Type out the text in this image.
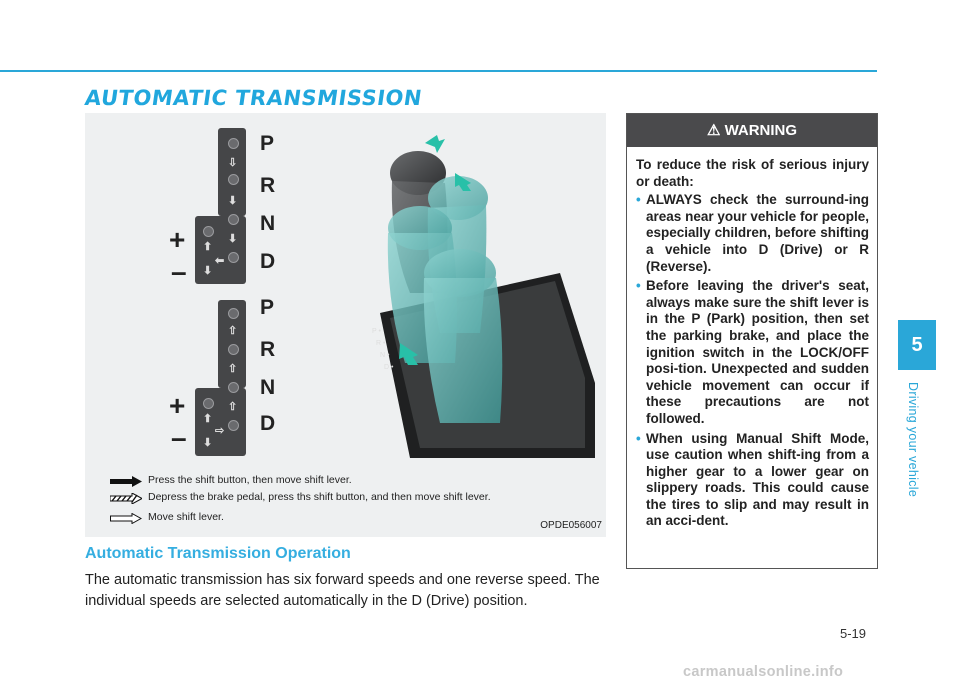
AUTOMATIC TRANSMISSION
⇩
⬇
⬇
⬆
⬅
⬇
⇧
⇧
⇧
⬆
⇨
⬇
P
R
N
D
P
R
N
D
+
–
+
–
P •
R •
N •
D •
Press the shift button, then move shift lever.
Depress the brake pedal, press ths shift button, and then move shift lever.
Move shift lever.
OPDE056007
Automatic Transmission Operation
The automatic transmission has six forward speeds and one reverse speed. The individual speeds are selected automatically in the D (Drive) position.
⚠ WARNING

To reduce the risk of serious injury or death:

• ALWAYS check the surround-ing areas near your vehicle for people, especially children, before shifting a vehicle into D (Drive) or R (Reverse).
• Before leaving the driver's seat, always make sure the shift lever is in the P (Park) position, then set the parking brake, and place the ignition switch in the LOCK/OFF posi-tion. Unexpected and sudden vehicle movement can occur if these precautions are not followed.
• When using Manual Shift Mode, use caution when shift-ing from a higher gear to a lower gear on slippery roads. This could cause the tires to slip and may result in an acci-dent.
5
Driving your vehicle
5-19
carmanualsonline.info
